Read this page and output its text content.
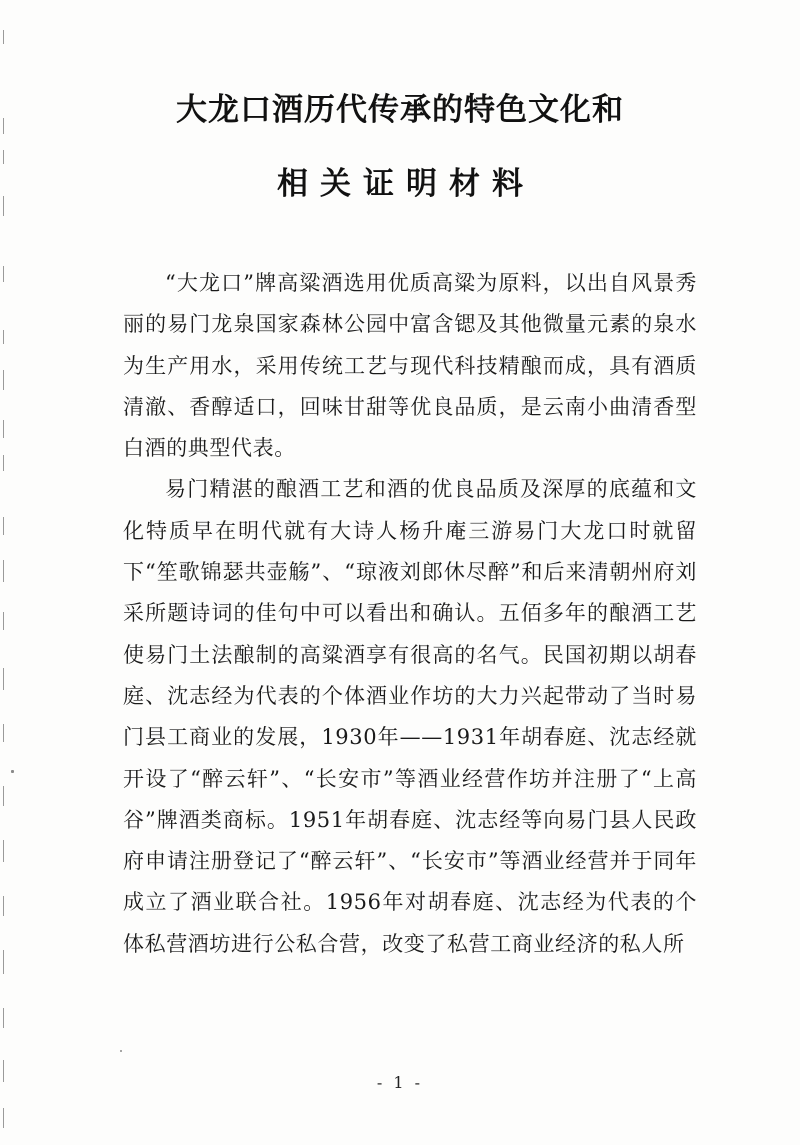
大龙口酒历代传承的特色文化和
相关证明材料

“大龙口”牌高粱酒选用优质高粱为原料，以出自风景秀丽的易门龙泉国家森林公园中富含锶及其他微量元素的泉水为生产用水，采用传统工艺与现代科技精酿而成，具有酒质清澈、香醇适口，回味甘甜等优良品质，是云南小曲清香型白酒的典型代表。

易门精湛的酿酒工艺和酒的优良品质及深厚的底蕴和文化特质早在明代就有大诗人杨升庵三游易门大龙口时就留下“笙歌锦瑟共壶觞”、“琼液刘郎休尽醉”和后来清朝州府刘采所题诗词的佳句中可以看出和确认。五佰多年的酿酒工艺使易门土法酿制的高粱酒享有很高的名气。民国初期以胡春庭、沈志经为代表的个体酒业作坊的大力兴起带动了当时易门县工商业的发展，1930年——1931年胡春庭、沈志经就开设了“醉云轩”、“长安市”等酒业经营作坊并注册了“上高谷”牌酒类商标。1951年胡春庭、沈志经等向易门县人民政府申请注册登记了“醉云轩”、“长安市”等酒业经营并于同年成立了酒业联合社。1956年对胡春庭、沈志经为代表的个体私营酒坊进行公私合营，改变了私营工商业经济的私人所

- 1 -
